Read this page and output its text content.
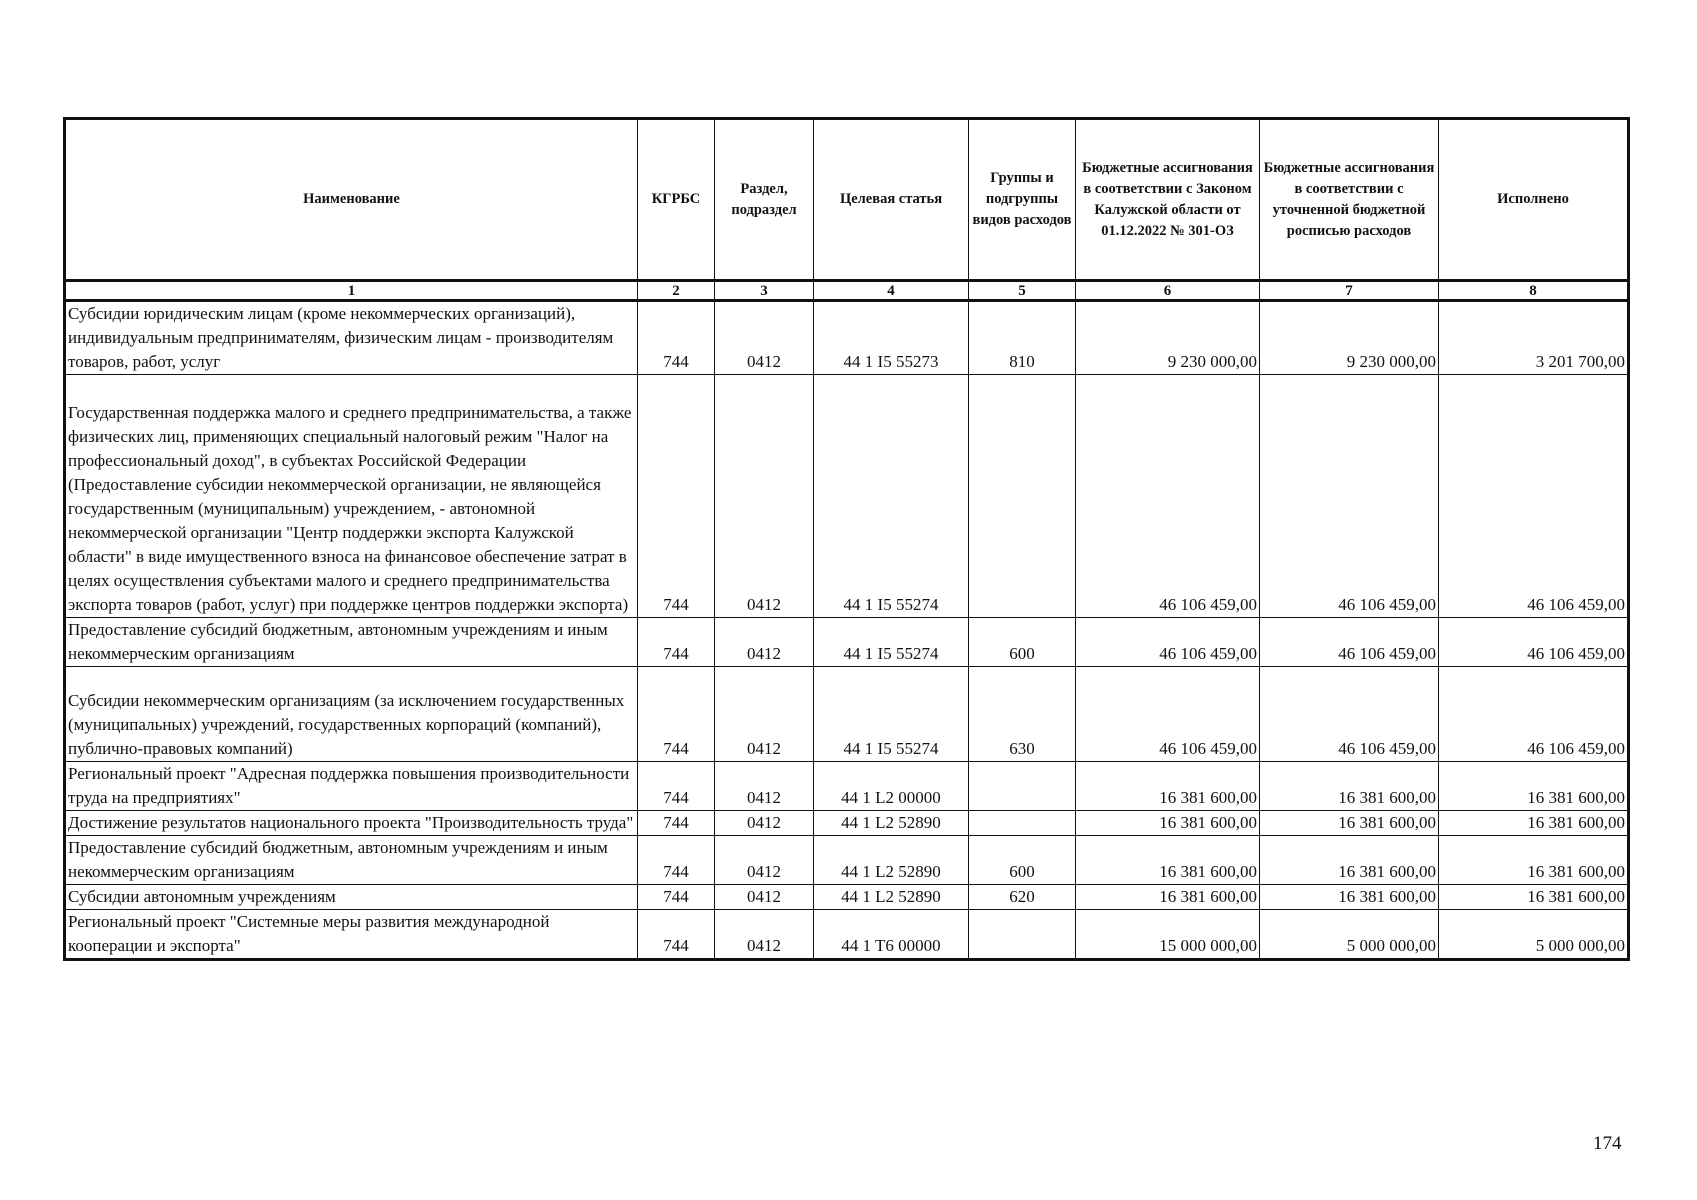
Наименование	КГРБС	Раздел, подраздел	Целевая статья	Группы и подгруппы видов расходов	Бюджетные ассигнования в соответствии с Законом Калужской области от 01.12.2022 № 301-ОЗ	Бюджетные ассигнования в соответствии с уточненной бюджетной росписью расходов	Исполнено
1	2	3	4	5	6	7	8
Субсидии юридическим лицам (кроме некоммерческих организаций), индивидуальным предпринимателям, физическим лицам - производителям товаров, работ, услуг	744	0412	44 1 I5 55273	810	9 230 000,00	9 230 000,00	3 201 700,00
Государственная поддержка малого и среднего предпринимательства, а также физических лиц, применяющих специальный налоговый режим "Налог на профессиональный доход", в субъектах Российской Федерации (Предоставление субсидии некоммерческой организации, не являющейся государственным (муниципальным) учреждением, - автономной некоммерческой организации "Центр поддержки экспорта Калужской области" в виде имущественного взноса на финансовое обеспечение затрат в целях осуществления субъектами малого и среднего предпринимательства экспорта товаров (работ, услуг) при поддержке центров поддержки экспорта)	744	0412	44 1 I5 55274		46 106 459,00	46 106 459,00	46 106 459,00
Предоставление субсидий бюджетным, автономным учреждениям и иным некоммерческим организациям	744	0412	44 1 I5 55274	600	46 106 459,00	46 106 459,00	46 106 459,00
Субсидии некоммерческим организациям (за исключением государственных (муниципальных) учреждений, государственных корпораций (компаний), публично-правовых компаний)	744	0412	44 1 I5 55274	630	46 106 459,00	46 106 459,00	46 106 459,00
Региональный проект "Адресная поддержка повышения производительности труда на предприятиях"	744	0412	44 1 L2 00000		16 381 600,00	16 381 600,00	16 381 600,00
Достижение результатов национального проекта "Производительность труда"	744	0412	44 1 L2 52890		16 381 600,00	16 381 600,00	16 381 600,00
Предоставление субсидий бюджетным, автономным учреждениям и иным некоммерческим организациям	744	0412	44 1 L2 52890	600	16 381 600,00	16 381 600,00	16 381 600,00
Субсидии автономным учреждениям	744	0412	44 1 L2 52890	620	16 381 600,00	16 381 600,00	16 381 600,00
Региональный проект "Системные меры развития международной кооперации и экспорта"	744	0412	44 1 T6 00000		15 000 000,00	5 000 000,00	5 000 000,00
174
